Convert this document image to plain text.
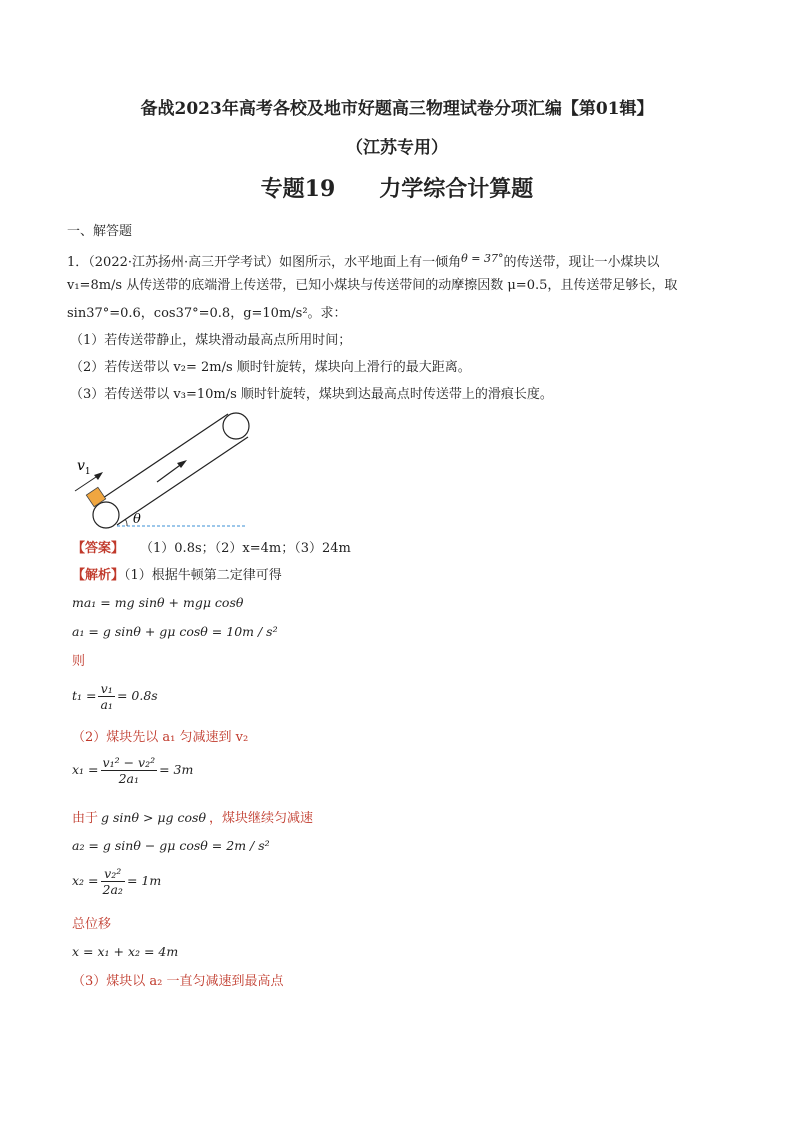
备战2023年高考各校及地市好题高三物理试卷分项汇编【第01辑】
（江苏专用）
专题19 力学综合计算题
一、解答题
1．（2022·江苏扬州·高三开学考试）如图所示，水平地面上有一倾角$^{\theta = 37^\circ}$的传送带，现让一小煤块以
v₁=8m/s 从传送带的底端滑上传送带，已知小煤块与传送带间的动摩擦因数 μ=0.5，且传送带足够长，取
sin37°=0.6，cos37°=0.8，g=10m/s²。求：
（1）若传送带静止，煤块滑动最高点所用时间；
（2）若传送带以 v₂= 2m/s 顺时针旋转，煤块向上滑行的最大距离。
（3）若传送带以 v₃=10m/s 顺时针旋转，煤块到达最高点时传送带上的滑痕长度。
$v_1$
θ
【答案】 （1）0.8s；（2）x=4m；（3）24m
【解析】（1）根据牛顿第二定律可得
ma₁ = mg sinθ + mgμ cosθ
a₁ = g sinθ + gμ cosθ = 10m / s²
则
$t_1 = \frac{\text{v₁}}{\text{a₁}} = 0.8s$
（2）煤块先以 a₁ 匀减速到 v₂
$x_1 = \frac{\text{v₁² − v₂²}}{\text{2a₁}} = 3m$
由于 g sinθ > μg cosθ ，煤块继续匀减速
a₂ = g sinθ − gμ cosθ = 2m / s²
$x_2 = \frac{\text{v₂²}}{\text{2a₂}} = 1m$
总位移
x = x₁ + x₂ = 4m
（3）煤块以 a₂ 一直匀减速到最高点
